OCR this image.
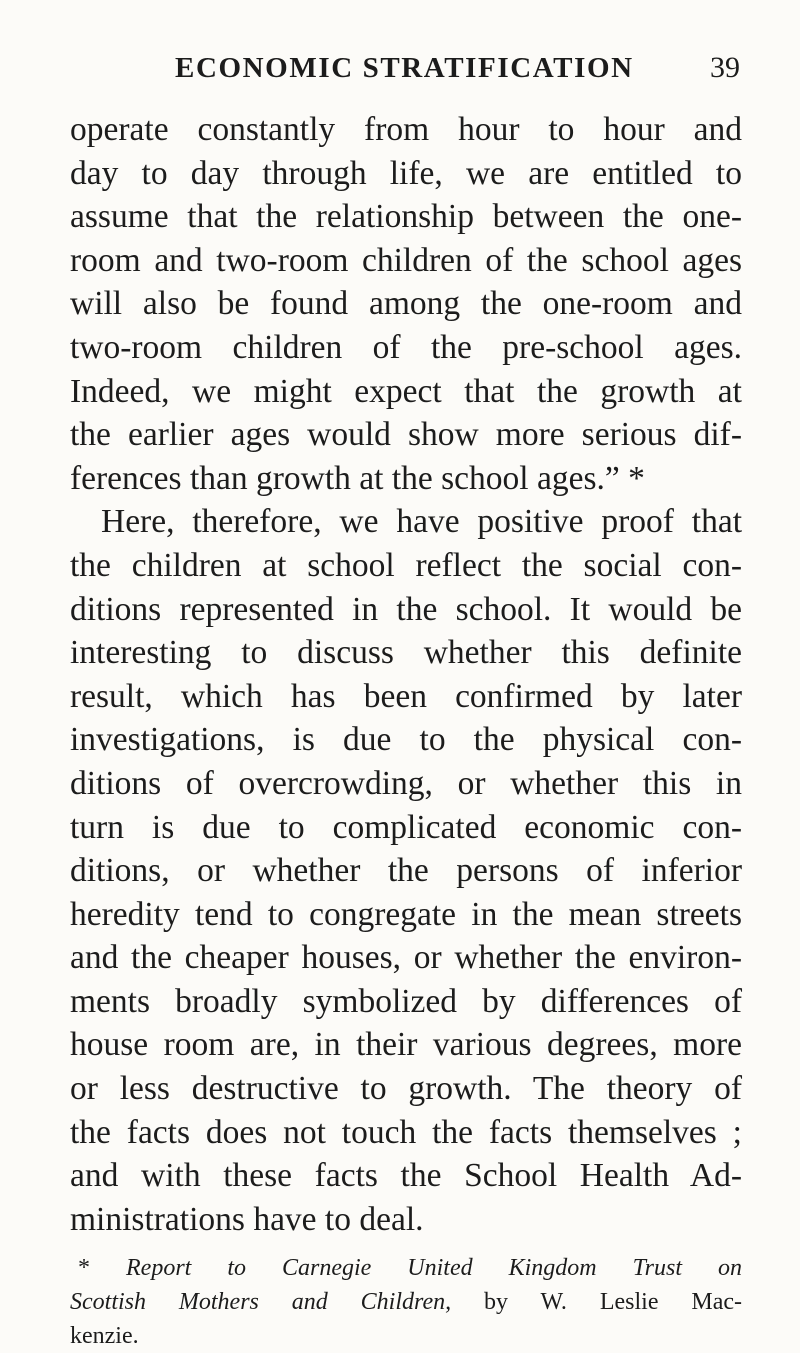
ECONOMIC STRATIFICATION	39
operate constantly from hour to hour and
day to day through life, we are entitled to
assume that the relationship between the one-
room and two-room children of the school ages
will also be found among the one-room and
two-room children of the pre-school ages.
Indeed, we might expect that the growth at
the earlier ages would show more serious dif-
ferences than growth at the school ages.” *
Here, therefore, we have positive proof that
the children at school reflect the social con-
ditions represented in the school. It would be
interesting to discuss whether this definite
result, which has been confirmed by later
investigations, is due to the physical con-
ditions of overcrowding, or whether this in
turn is due to complicated economic con-
ditions, or whether the persons of inferior
heredity tend to congregate in the mean streets
and the cheaper houses, or whether the environ-
ments broadly symbolized by differences of
house room are, in their various degrees, more
or less destructive to growth. The theory of
the facts does not touch the facts themselves ;
and with these facts the School Health Ad-
ministrations have to deal.
* Report to Carnegie United Kingdom Trust on
Scottish Mothers and Children, by W. Leslie Mac-
kenzie.
